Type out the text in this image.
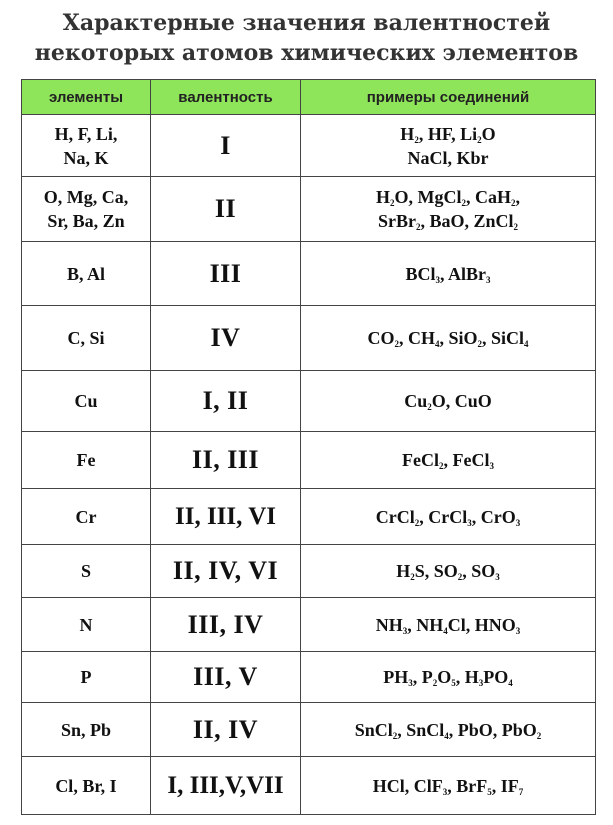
Характерные значения валентностей
некоторых атомов химических элементов
элементы	валентность	примеры соединений

H, F, Li,
Na, K	I	$H_2$, HF, $Li_2O$
NaCl, Kbr

O, Mg, Ca,
Sr, Ba, Zn	II	$H_2O$, MgCl$_2$, CaH$_2$,
SrBr$_2$, BaO, ZnCl$_2$

B, Al	III	BCl$_3$, AlBr$_3$

C, Si	IV	$CO_2$, $CH_4$, SiO$_2$, SiCl$_4$

Cu	I, II	$Cu_2O$, CuO

Fe	II, III	FeCl$_2$, FeCl$_3$

Cr	II, III, VI	CrCl$_2$, CrCl$_3$, CrO$_3$

S	II, IV, VI	$H_2S$, $SO_2$, $SO_3$

N	III, IV	$NH_3$, $NH_4Cl$, $HNO_3$

P	III, V	$PH_3$, $P_2O_5$, $H_3PO_4$

Sn, Pb	II, IV	SnCl$_2$, SnCl$_4$, PbO, PbO$_2$

Cl, Br, I	I, III,V,VII	HCl, ClF$_3$, BrF$_5$, $IF_7$
